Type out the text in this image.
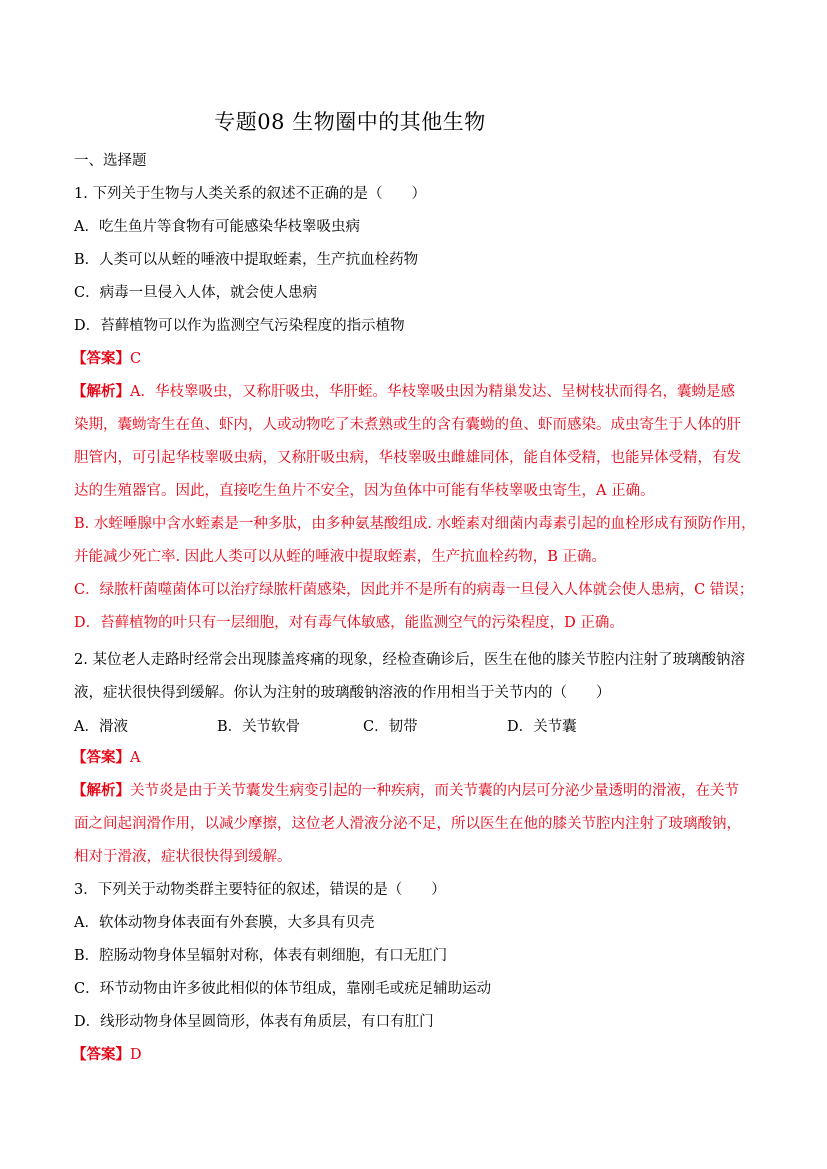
专题08 生物圈中的其他生物
一、选择题
1. 下列关于生物与人类关系的叙述不正确的是（　　）
A．吃生鱼片等食物有可能感染华枝睾吸虫病
B．人类可以从蛭的唾液中提取蛭素，生产抗血栓药物
C．病毒一旦侵入人体，就会使人患病
D．苔藓植物可以作为监测空气污染程度的指示植物
【答案】C
【解析】A．华枝睾吸虫，又称肝吸虫，华肝蛭。华枝睾吸虫因为精巢发达、呈树枝状而得名，囊蚴是感
染期，囊蚴寄生在鱼、虾内，人或动物吃了未煮熟或生的含有囊蚴的鱼、虾而感染。成虫寄生于人体的肝
胆管内，可引起华枝睾吸虫病，又称肝吸虫病，华枝睾吸虫雌雄同体，能自体受精，也能异体受精，有发
达的生殖器官。因此，直接吃生鱼片不安全，因为鱼体中可能有华枝睾吸虫寄生，A 正确。
B. 水蛭唾腺中含水蛭素是一种多肽，由多种氨基酸组成. 水蛭素对细菌内毒素引起的血栓形成有预防作用，
并能减少死亡率. 因此人类可以从蛭的唾液中提取蛭素，生产抗血栓药物，B 正确。
C．绿脓杆菌噬菌体可以治疗绿脓杆菌感染，因此并不是所有的病毒一旦侵入人体就会使人患病，C 错误；
D．苔藓植物的叶只有一层细胞，对有毒气体敏感，能监测空气的污染程度，D 正确。
2. 某位老人走路时经常会出现膝盖疼痛的现象，经检查确诊后，医生在他的膝关节腔内注射了玻璃酸钠溶
液，症状很快得到缓解。你认为注射的玻璃酸钠溶液的作用相当于关节内的（　　）
A．滑液	B．关节软骨	C．韧带	D．关节囊
【答案】A
【解析】关节炎是由于关节囊发生病变引起的一种疾病，而关节囊的内层可分泌少量透明的滑液，在关节
面之间起润滑作用，以减少摩擦，这位老人滑液分泌不足，所以医生在他的膝关节腔内注射了玻璃酸钠，
相对于滑液，症状很快得到缓解。
3．下列关于动物类群主要特征的叙述，错误的是（　　）
A．软体动物身体表面有外套膜，大多具有贝壳
B．腔肠动物身体呈辐射对称，体表有刺细胞，有口无肛门
C．环节动物由许多彼此相似的体节组成，靠刚毛或疣足辅助运动
D．线形动物身体呈圆筒形，体表有角质层，有口有肛门
【答案】D
